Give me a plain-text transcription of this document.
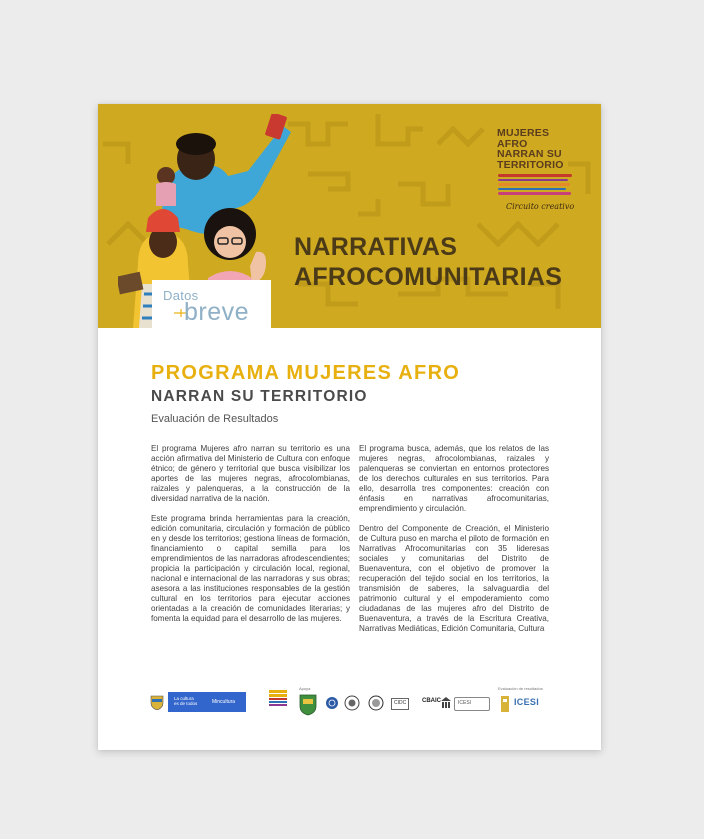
MUJERES
AFRO
NARRAN SU
TERRITORIO
Circuito creativo
NARRATIVAS
AFROCOMUNITARIAS
Datos
breve
PROGRAMA MUJERES AFRO
NARRAN SU TERRITORIO
Evaluación de Resultados

El programa Mujeres afro narran su territorio es una acción afirmativa del Ministerio de Cultura con enfoque étnico; de género y territorial que busca visibilizar los aportes de las mujeres negras, afrocolombianas, raizales y palenqueras, a la construcción de la diversidad narrativa de la nación.

Este programa brinda herramientas para la creación, edición comunitaria, circulación y formación de público en y desde los territorios; gestiona líneas de formación, financiamiento o capital semilla para los emprendimientos de las narradoras afrodescendientes; propicia la participación y circulación local, regional, nacional e internacional de las narradoras y sus obras; asesora a las instituciones responsables de la gestión cultural en los territorios para ejecutar acciones orientadas a la creación de comunidades literarias; y fomenta la equidad para el desarrollo de las mujeres.

El programa busca, además, que los relatos de las mujeres negras, afrocolombianas, raizales y palenqueras se conviertan en entornos protectores de los derechos culturales en sus territorios. Para ello, desarrolla tres componentes: creación con énfasis en narrativas afrocomunitarias, emprendimiento y circulación.

Dentro del Componente de Creación, el Ministerio de Cultura puso en marcha el piloto de formación en Narrativas Afrocomunitarias con 35 lideresas sociales y comunitarias del Distrito de Buenaventura, con el objetivo de promover la recuperación del tejido social en los territorios, la transmisión de saberes, la salvaguardia del patrimonio cultural y el empoderamiento como ciudadanas de las mujeres afro del Distrito de Buenaventura, a través de la Escritura Creativa, Narrativas Mediáticas, Edición Comunitaria, Cultura

La cultura
es de todos	Mincultura
Apoya
CIDC	CBAIC	ICESI
Evaluación de resultados
ICESI
